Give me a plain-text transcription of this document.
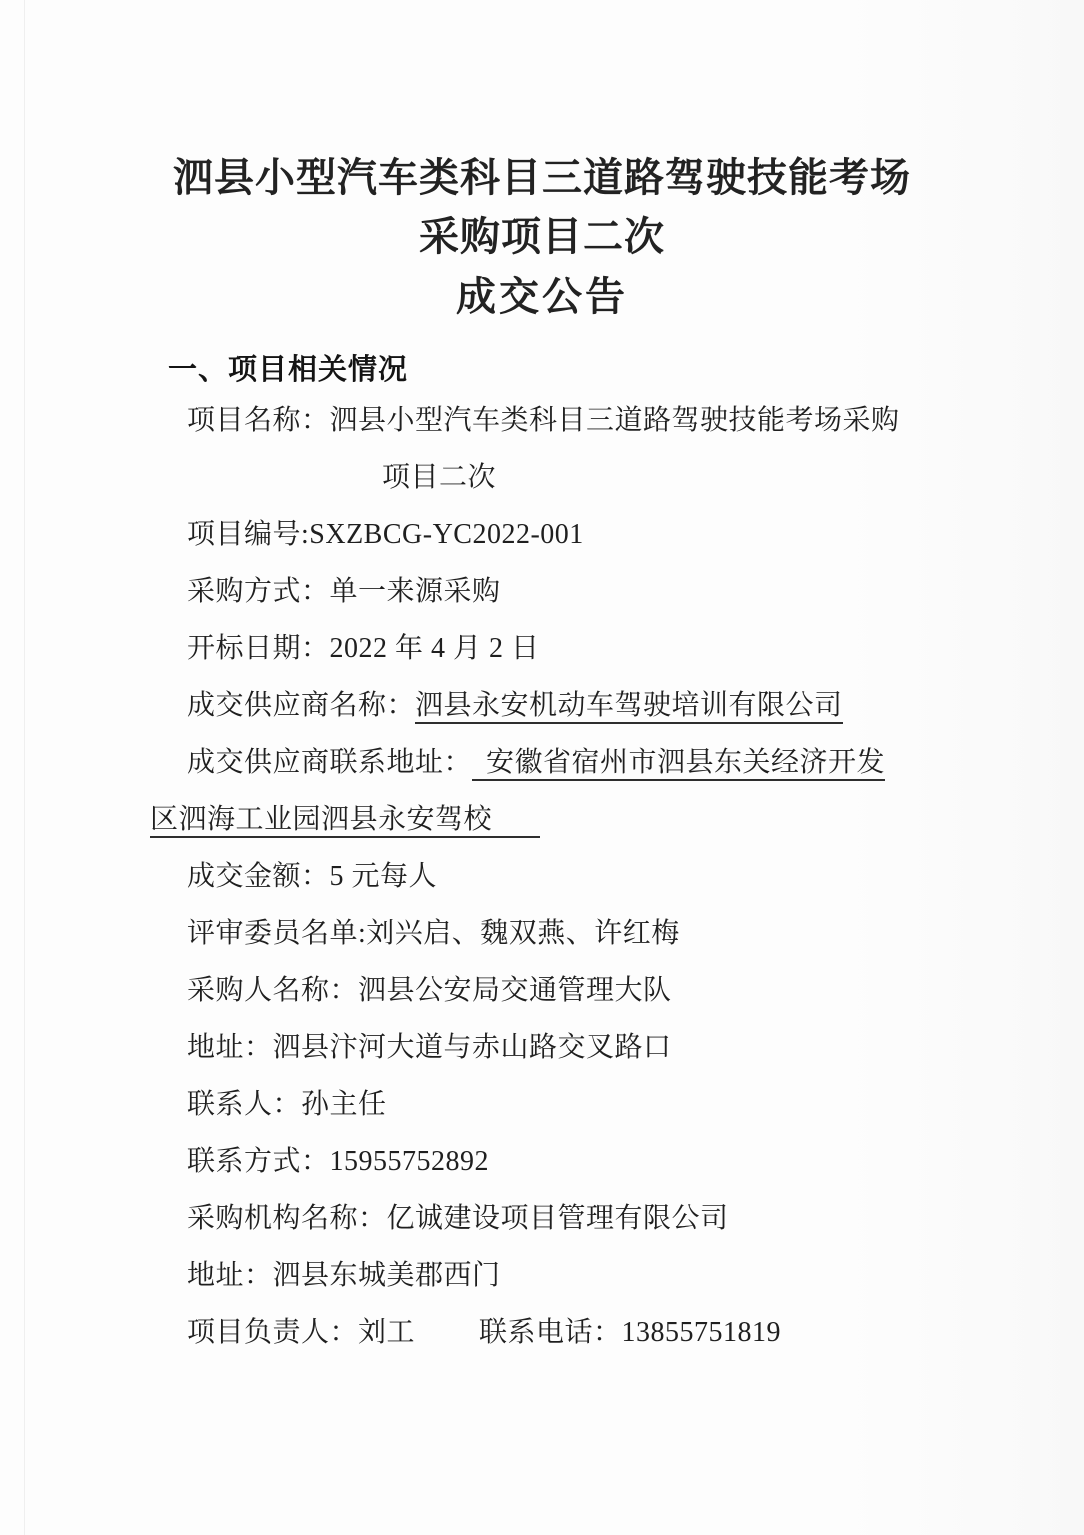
泗县小型汽车类科目三道路驾驶技能考场
采购项目二次
成交公告
一、项目相关情况

项目名称：泗县小型汽车类科目三道路驾驶技能考场采购

项目二次

项目编号:SXZBCG-YC2022-001

采购方式：单一来源采购

开标日期：2022 年 4 月 2 日

成交供应商名称：泗县永安机动车驾驶培训有限公司

成交供应商联系地址： 安徽省宿州市泗县东关经济开发

区泗海工业园泗县永安驾校

成交金额：5 元每人

评审委员名单:刘兴启、魏双燕、许红梅

采购人名称：泗县公安局交通管理大队

地址：泗县汴河大道与赤山路交叉路口

联系人：孙主任

联系方式：15955752892

采购机构名称：亿诚建设项目管理有限公司

地址：泗县东城美郡西门

项目负责人：刘工 联系电话：13855751819
